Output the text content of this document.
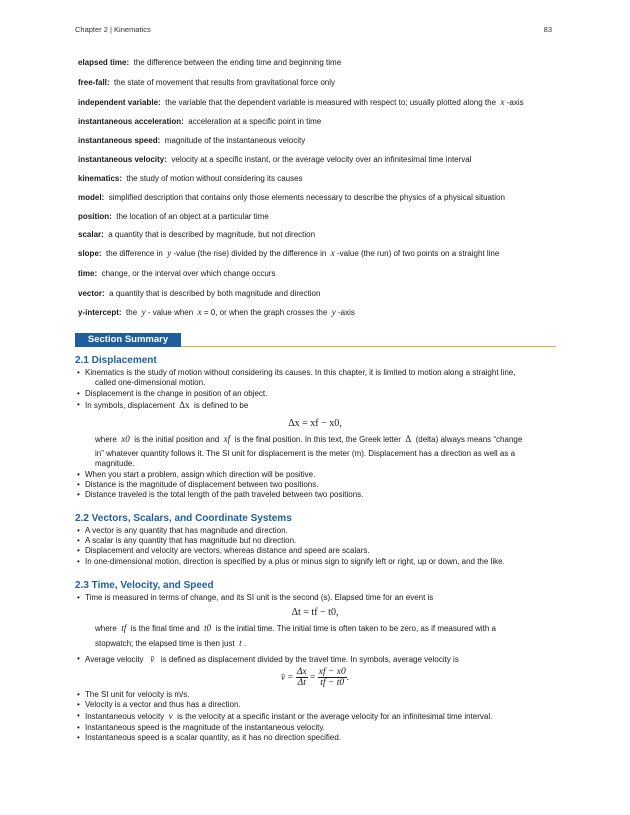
Chapter 2 | Kinematics	83
elapsed time: the difference between the ending time and beginning time
free-fall: the state of movement that results from gravitational force only
independent variable: the variable that the dependent variable is measured with respect to; usually plotted along the x -axis
instantaneous acceleration: acceleration at a specific point in time
instantaneous speed: magnitude of the instantaneous velocity
instantaneous velocity: velocity at a specific instant, or the average velocity over an infinitesimal time interval
kinematics: the study of motion without considering its causes
model: simplified description that contains only those elements necessary to describe the physics of a physical situation
position: the location of an object at a particular time
scalar: a quantity that is described by magnitude, but not direction
slope: the difference in y -value (the rise) divided by the difference in x -value (the run) of two points on a straight line
time: change, or the interval over which change occurs
vector: a quantity that is described by both magnitude and direction
y-intercept: the y - value when x = 0, or when the graph crosses the y -axis
Section Summary
2.1 Displacement
• Kinematics is the study of motion without considering its causes. In this chapter, it is limited to motion along a straight line,
called one-dimensional motion.
• Displacement is the change in position of an object.
• In symbols, displacement Δx is defined to be
Δx = xf − x0,
where x0 is the initial position and xf is the final position. In this text, the Greek letter Δ (delta) always means “change
in” whatever quantity follows it. The SI unit for displacement is the meter (m). Displacement has a direction as well as a
magnitude.
• When you start a problem, assign which direction will be positive.
• Distance is the magnitude of displacement between two positions.
• Distance traveled is the total length of the path traveled between two positions.
2.2 Vectors, Scalars, and Coordinate Systems
• A vector is any quantity that has magnitude and direction.
• A scalar is any quantity that has magnitude but no direction.
• Displacement and velocity are vectors, whereas distance and speed are scalars.
• In one-dimensional motion, direction is specified by a plus or minus sign to signify left or right, up or down, and the like.
2.3 Time, Velocity, and Speed
• Time is measured in terms of change, and its SI unit is the second (s). Elapsed time for an event is
Δt = tf − t0,
where tf is the final time and t0 is the initial time. The initial time is often taken to be zero, as if measured with a
stopwatch; the elapsed time is then just t .
• Average velocity v̄ is defined as displacement divided by the travel time. In symbols, average velocity is
v̄ = $\frac{\Delta x}{\Delta t} = \frac{xf - x0}{tf - t0}$ .
• The SI unit for velocity is m/s.
• Velocity is a vector and thus has a direction.
• Instantaneous velocity v is the velocity at a specific instant or the average velocity for an infinitesimal time interval.
• Instantaneous speed is the magnitude of the instantaneous velocity.
• Instantaneous speed is a scalar quantity, as it has no direction specified.
